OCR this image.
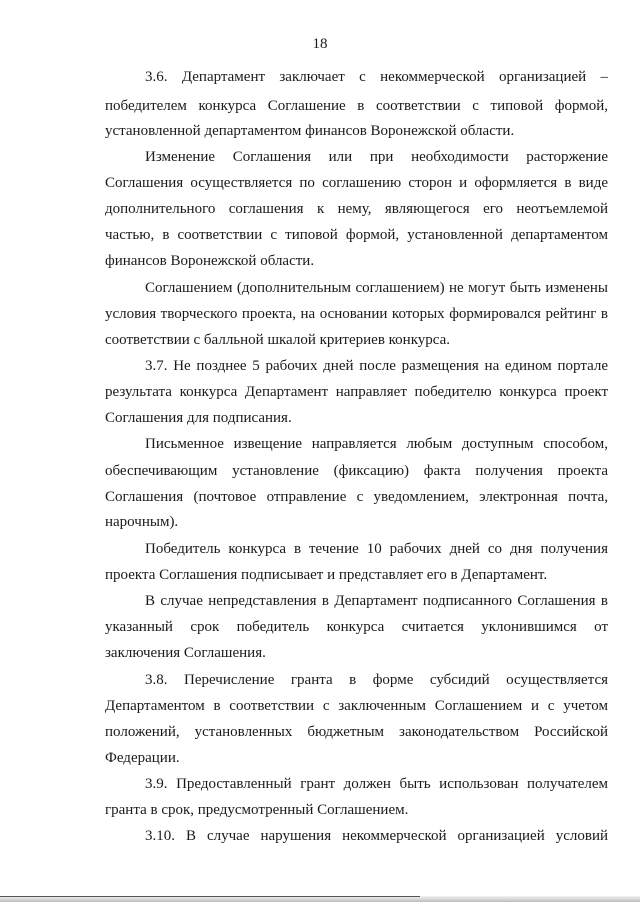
18
3.6. Департамент заключает с некоммерческой организацией –
победителем конкурса Соглашение в соответствии с типовой формой,
установленной департаментом финансов Воронежской области.
Изменение Соглашения или при необходимости расторжение
Соглашения осуществляется по соглашению сторон и оформляется в виде
дополнительного соглашения к нему, являющегося его неотъемлемой
частью, в соответствии с типовой формой, установленной департаментом
финансов Воронежской области.
Соглашением (дополнительным соглашением) не могут быть изменены
условия творческого проекта, на основании которых формировался рейтинг в
соответствии с балльной шкалой критериев конкурса.
3.7. Не позднее 5 рабочих дней после размещения на едином портале
результата конкурса Департамент направляет победителю конкурса проект
Соглашения для подписания.
Письменное извещение направляется любым доступным способом,
обеспечивающим установление (фиксацию) факта получения проекта
Соглашения (почтовое отправление с уведомлением, электронная почта,
нарочным).
Победитель конкурса в течение 10 рабочих дней со дня получения
проекта Соглашения подписывает и представляет его в Департамент.
В случае непредставления в Департамент подписанного Соглашения в
указанный срок победитель конкурса считается уклонившимся от
заключения Соглашения.
3.8. Перечисление гранта в форме субсидий осуществляется
Департаментом в соответствии с заключенным Соглашением и с учетом
положений, установленных бюджетным законодательством Российской
Федерации.
3.9. Предоставленный грант должен быть использован получателем
гранта в срок, предусмотренный Соглашением.
3.10. В случае нарушения некоммерческой организацией условий
